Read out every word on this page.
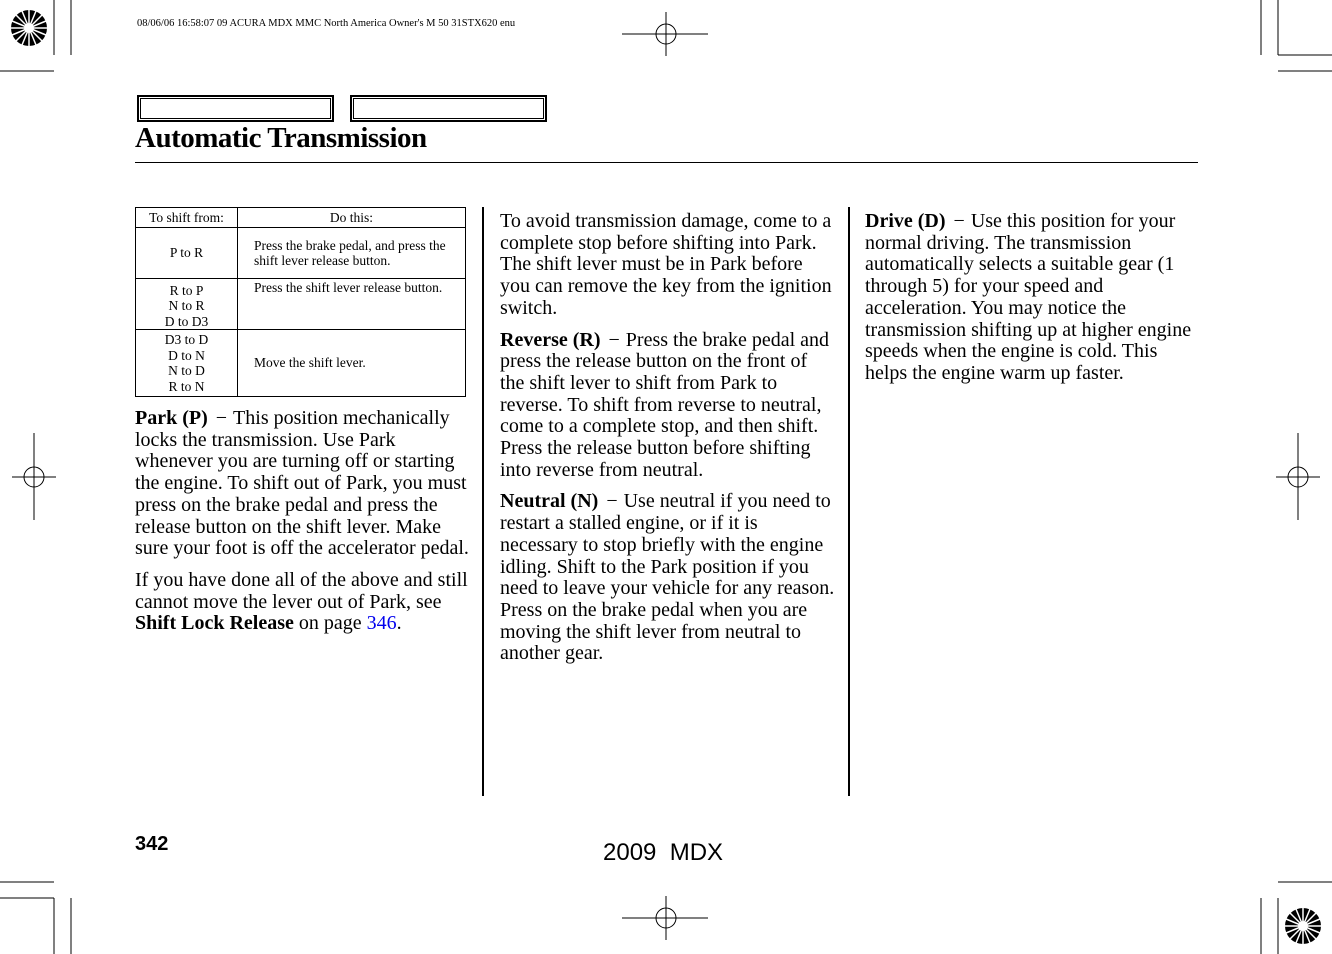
08/06/06 16:58:07 09 ACURA MDX MMC North America Owner's M 50 31STX620 enu
Automatic Transmission
To shift from:	Do this:

P to R	Press the brake pedal, and press the shift lever release button.

R to P
N to R
D to D3	Press the shift lever release button.

D3 to D
D to N
N to D
R to N	Move the shift lever.

Park (P) − This position mechanically locks the transmission. Use Park whenever you are turning off or starting the engine. To shift out of Park, you must press on the brake pedal and press the release button on the shift lever. Make sure your foot is off the accelerator pedal.

If you have done all of the above and still cannot move the lever out of Park, see Shift Lock Release on page 346.

To avoid transmission damage, come to a complete stop before shifting into Park. The shift lever must be in Park before you can remove the key from the ignition switch.

Reverse (R) − Press the brake pedal and press the release button on the front of the shift lever to shift from Park to reverse. To shift from reverse to neutral, come to a complete stop, and then shift. Press the release button before shifting into reverse from neutral.

Neutral (N) − Use neutral if you need to restart a stalled engine, or if it is necessary to stop briefly with the engine idling. Shift to the Park position if you need to leave your vehicle for any reason. Press on the brake pedal when you are moving the shift lever from neutral to another gear.

Drive (D) − Use this position for your normal driving. The transmission automatically selects a suitable gear (1 through 5) for your speed and acceleration. You may notice the transmission shifting up at higher engine speeds when the engine is cold. This helps the engine warm up faster.

342	2009  MDX
